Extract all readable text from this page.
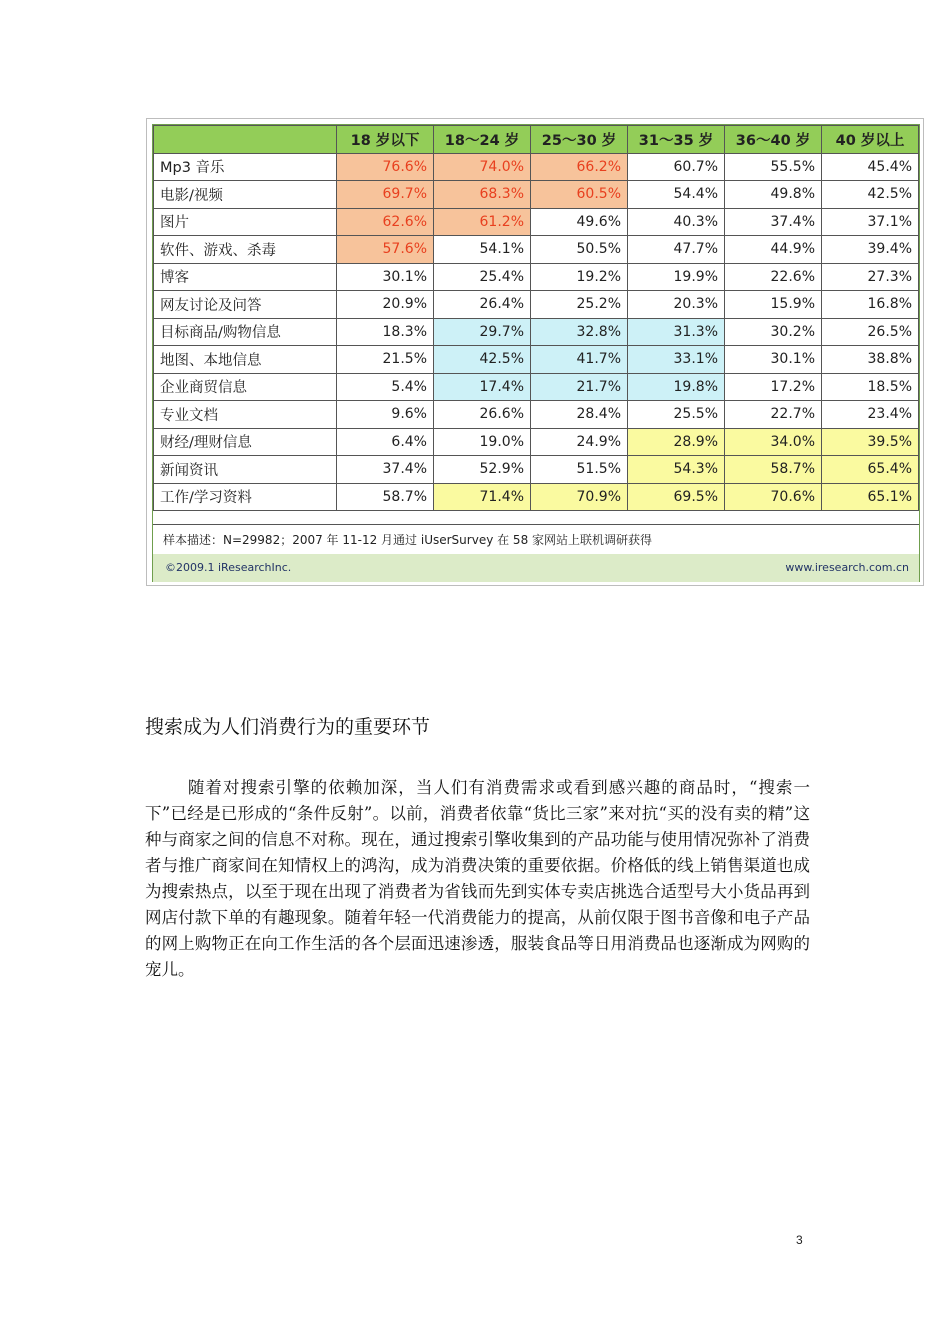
	18 岁以下	18～24 岁	25～30 岁	31～35 岁	36～40 岁	40 岁以上
Mp3 音乐	76.6%	74.0%	66.2%	60.7%	55.5%	45.4%
电影/视频	69.7%	68.3%	60.5%	54.4%	49.8%	42.5%
图片	62.6%	61.2%	49.6%	40.3%	37.4%	37.1%
软件、游戏、杀毒	57.6%	54.1%	50.5%	47.7%	44.9%	39.4%
博客	30.1%	25.4%	19.2%	19.9%	22.6%	27.3%
网友讨论及问答	20.9%	26.4%	25.2%	20.3%	15.9%	16.8%
目标商品/购物信息	18.3%	29.7%	32.8%	31.3%	30.2%	26.5%
地图、本地信息	21.5%	42.5%	41.7%	33.1%	30.1%	38.8%
企业商贸信息	5.4%	17.4%	21.7%	19.8%	17.2%	18.5%
专业文档	9.6%	26.6%	28.4%	25.5%	22.7%	23.4%
财经/理财信息	6.4%	19.0%	24.9%	28.9%	34.0%	39.5%
新闻资讯	37.4%	52.9%	51.5%	54.3%	58.7%	65.4%
工作/学习资料	58.7%	71.4%	70.9%	69.5%	70.6%	65.1%
样本描述：N=29982；2007 年 11-12 月通过 iUserSurvey 在 58 家网站上联机调研获得
©2009.1 iResearchInc.	www.iresearch.com.cn
搜索成为人们消费行为的重要环节
随着对搜索引擎的依赖加深，当人们有消费需求或看到感兴趣的商品时，“搜索一下”已经是已形成的“条件反射”。以前，消费者依靠“货比三家”来对抗“买的没有卖的精”这种与商家之间的信息不对称。现在，通过搜索引擎收集到的产品功能与使用情况弥补了消费者与推广商家间在知情权上的鸿沟，成为消费决策的重要依据。价格低的线上销售渠道也成为搜索热点，以至于现在出现了消费者为省钱而先到实体专卖店挑选合适型号大小货品再到网店付款下单的有趣现象。随着年轻一代消费能力的提高，从前仅限于图书音像和电子产品的网上购物正在向工作生活的各个层面迅速渗透，服装食品等日用消费品也逐渐成为网购的宠儿。
3
